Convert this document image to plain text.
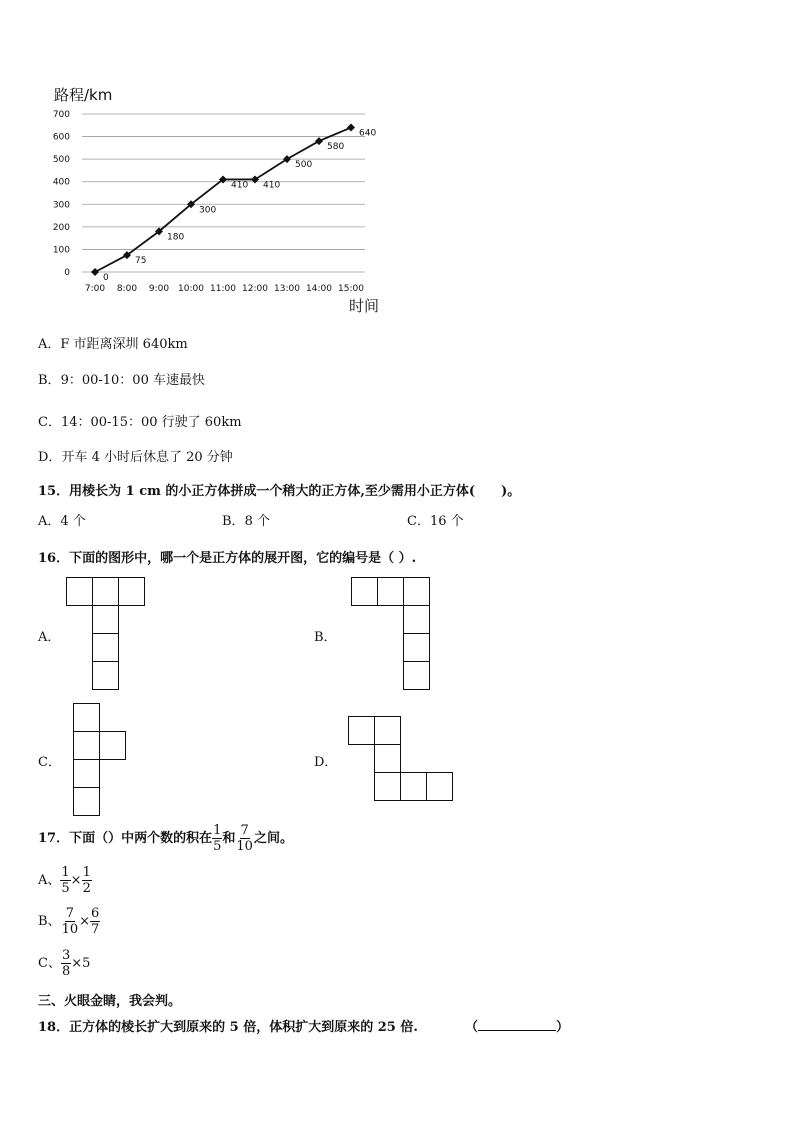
路程/km
0
100
200
300
400
500
600
700
7:00 8:00 9:00 10:00 11:00 12:00 13:00 14:00 15:00
0
75
180
300
410 410
500
580
640
时间
A．F 市距离深圳 640km
B．9：00-10：00 车速最快
C．14：00-15：00 行驶了 60km
D．开车 4 小时后休息了 20 分钟
15．用棱长为 1 cm 的小正方体拼成一个稍大的正方体,至少需用小正方体(　　)。
A．4 个	B．8 个	C．16 个
16．下面的图形中，哪一个是正方体的展开图，它的编号是（ ）.
A．	B．
C．	D．
17．下面（）中两个数的积在 $\frac{1}{5}$ 和 $\frac{7}{10}$ 之间。
A、 $\frac{1}{5} \times \frac{1}{2}$
B、 $\frac{7}{10} \times \frac{6}{7}$
C、 $\frac{3}{8} \times 5$
三、火眼金睛，我会判。
18．正方体的棱长扩大到原来的 5 倍，体积扩大到原来的 25 倍.	（	）
